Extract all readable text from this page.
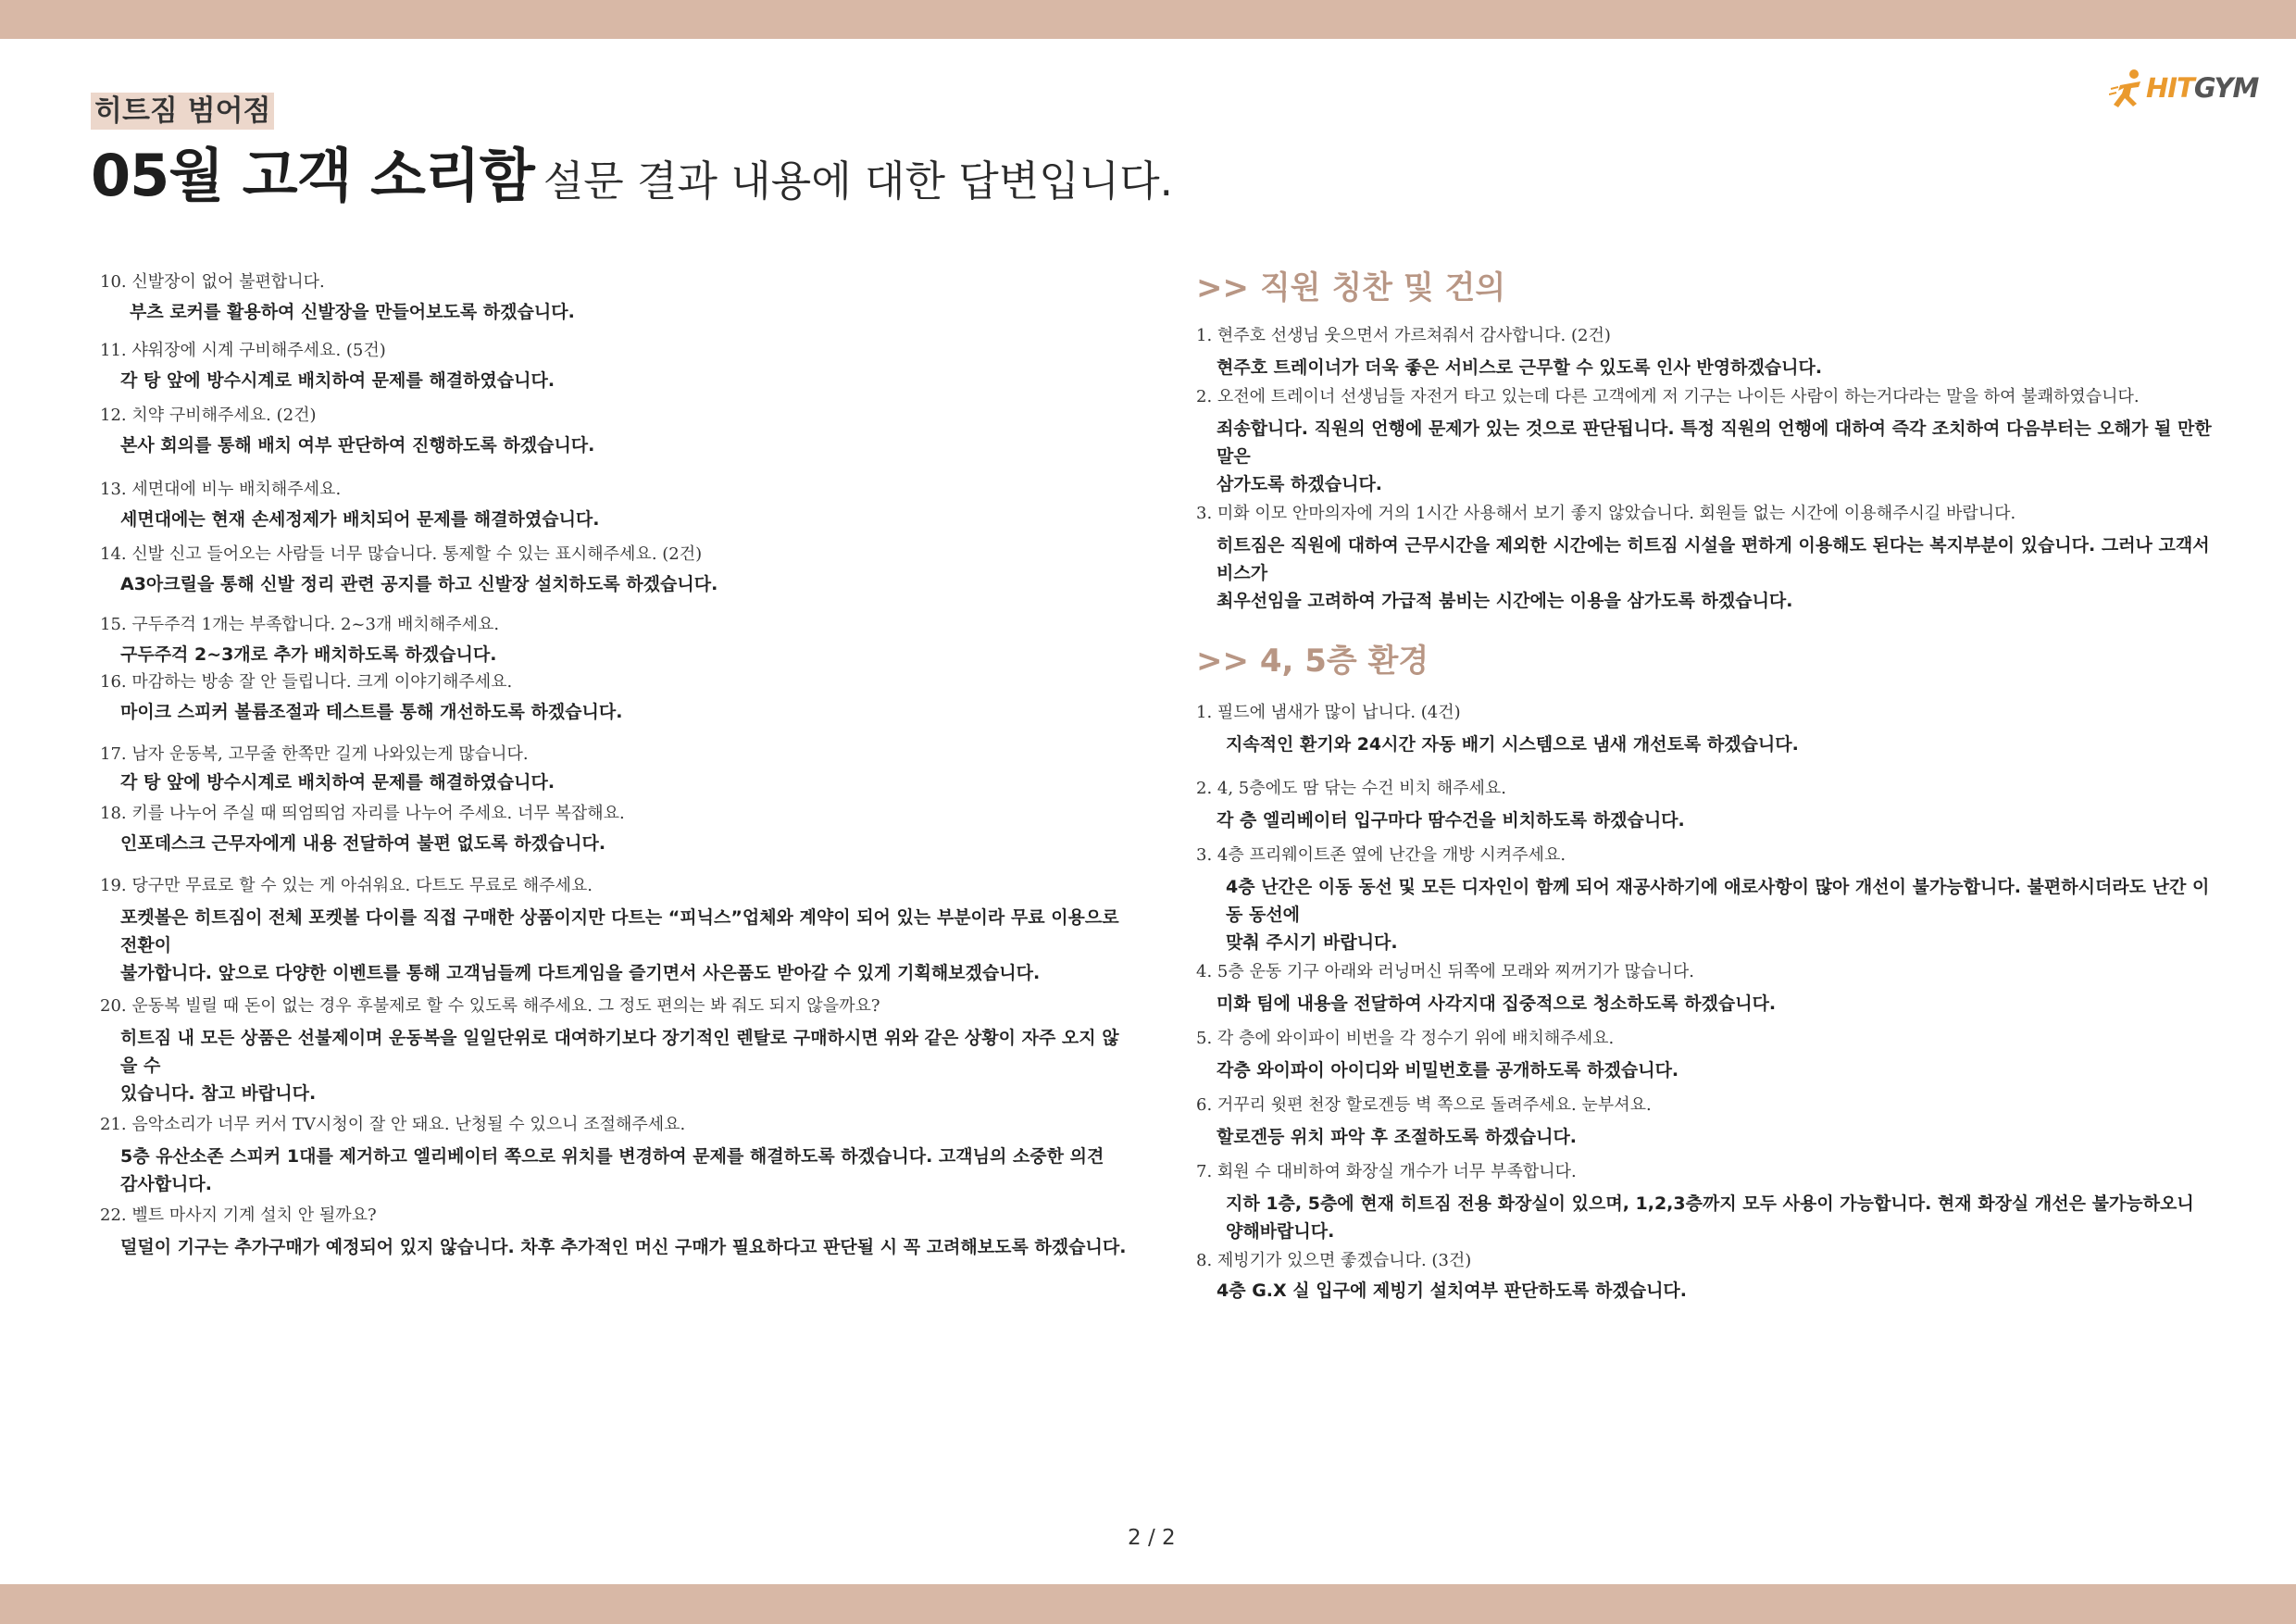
히트짐 범어점
05월 고객 소리함 설문 결과 내용에 대한 답변입니다.
HITGYM
10. 신발장이 없어 불편합니다.
부츠 로커를 활용하여 신발장을 만들어보도록 하겠습니다.
11. 샤워장에 시계 구비해주세요. (5건)
각 탕 앞에 방수시계로 배치하여 문제를 해결하였습니다.
12. 치약 구비해주세요. (2건)
본사 회의를 통해 배치 여부 판단하여 진행하도록 하겠습니다.
13. 세면대에 비누 배치해주세요.
세면대에는 현재 손세정제가 배치되어 문제를 해결하였습니다.
14. 신발 신고 들어오는 사람들 너무 많습니다. 통제할 수 있는 표시해주세요. (2건)
A3아크릴을 통해 신발 정리 관련 공지를 하고 신발장 설치하도록 하겠습니다.
15. 구두주걱 1개는 부족합니다. 2~3개 배치해주세요.
구두주걱 2~3개로 추가 배치하도록 하겠습니다.
16. 마감하는 방송 잘 안 들립니다. 크게 이야기해주세요.
마이크 스피커 볼륨조절과 테스트를 통해 개선하도록 하겠습니다.
17. 남자 운동복, 고무줄 한쪽만 길게 나와있는게 많습니다.
각 탕 앞에 방수시계로 배치하여 문제를 해결하였습니다.
18. 키를 나누어 주실 때 띄엄띄엄 자리를 나누어 주세요. 너무 복잡해요.
인포데스크 근무자에게 내용 전달하여 불편 없도록 하겠습니다.
19. 당구만 무료로 할 수 있는 게 아쉬워요. 다트도 무료로 해주세요.
포켓볼은 히트짐이 전체 포켓볼 다이를 직접 구매한 상품이지만 다트는 “피닉스”업체와 계약이 되어 있는 부분이라 무료 이용으로 전환이
불가합니다. 앞으로 다양한 이벤트를 통해 고객님들께 다트게임을 즐기면서 사은품도 받아갈 수 있게 기획해보겠습니다.
20. 운동복 빌릴 때 돈이 없는 경우 후불제로 할 수 있도록 해주세요. 그 정도 편의는 봐 줘도 되지 않을까요?
히트짐 내 모든 상품은 선불제이며 운동복을 일일단위로 대여하기보다 장기적인 렌탈로 구매하시면 위와 같은 상황이 자주 오지 않을 수
있습니다. 참고 바랍니다.
21. 음악소리가 너무 커서 TV시청이 잘 안 돼요. 난청될 수 있으니 조절해주세요.
5층 유산소존 스피커 1대를 제거하고 엘리베이터 쪽으로 위치를 변경하여 문제를 해결하도록 하겠습니다. 고객님의 소중한 의견
감사합니다.
22. 벨트 마사지 기계 설치 안 될까요?
덜덜이 기구는 추가구매가 예정되어 있지 않습니다. 차후 추가적인 머신 구매가 필요하다고 판단될 시 꼭 고려해보도록 하겠습니다.
>> 직원 칭찬 및 건의
1. 현주호 선생님 웃으면서 가르쳐줘서 감사합니다. (2건)
현주호 트레이너가 더욱 좋은 서비스로 근무할 수 있도록 인사 반영하겠습니다.
2. 오전에 트레이너 선생님들 자전거 타고 있는데 다른 고객에게 저 기구는 나이든 사람이 하는거다라는 말을 하여 불쾌하였습니다.
죄송합니다. 직원의 언행에 문제가 있는 것으로 판단됩니다. 특정 직원의 언행에 대하여 즉각 조치하여 다음부터는 오해가 될 만한 말은
삼가도록 하겠습니다.
3. 미화 이모 안마의자에 거의 1시간 사용해서 보기 좋지 않았습니다. 회원들 없는 시간에 이용해주시길 바랍니다.
히트짐은 직원에 대하여 근무시간을 제외한 시간에는 히트짐 시설을 편하게 이용해도 된다는 복지부분이 있습니다. 그러나 고객서비스가
최우선임을 고려하여 가급적 붐비는 시간에는 이용을 삼가도록 하겠습니다.
>> 4, 5층 환경
1. 필드에 냄새가 많이 납니다. (4건)
지속적인 환기와 24시간 자동 배기 시스템으로 냄새 개선토록 하겠습니다.
2. 4, 5층에도 땀 닦는 수건 비치 해주세요.
각 층 엘리베이터 입구마다 땀수건을 비치하도록 하겠습니다.
3. 4층 프리웨이트존 옆에 난간을 개방 시켜주세요.
4층 난간은 이동 동선 및 모든 디자인이 함께 되어 재공사하기에 애로사항이 많아 개선이 불가능합니다. 불편하시더라도 난간 이동 동선에
맞춰 주시기 바랍니다.
4. 5층 운동 기구 아래와 러닝머신 뒤쪽에 모래와 찌꺼기가 많습니다.
미화 팀에 내용을 전달하여 사각지대 집중적으로 청소하도록 하겠습니다.
5. 각 층에 와이파이 비번을 각 정수기 위에 배치해주세요.
각층 와이파이 아이디와 비밀번호를 공개하도록 하겠습니다.
6. 거꾸리 윗편 천장 할로겐등 벽 쪽으로 돌려주세요. 눈부셔요.
할로겐등 위치 파악 후 조절하도록 하겠습니다.
7. 회원 수 대비하여 화장실 개수가 너무 부족합니다.
지하 1층, 5층에 현재 히트짐 전용 화장실이 있으며, 1,2,3층까지 모두 사용이 가능합니다. 현재 화장실 개선은 불가능하오니
양해바랍니다.
8. 제빙기가 있으면 좋겠습니다. (3건)
4층 G.X 실 입구에 제빙기 설치여부 판단하도록 하겠습니다.
2 / 2
